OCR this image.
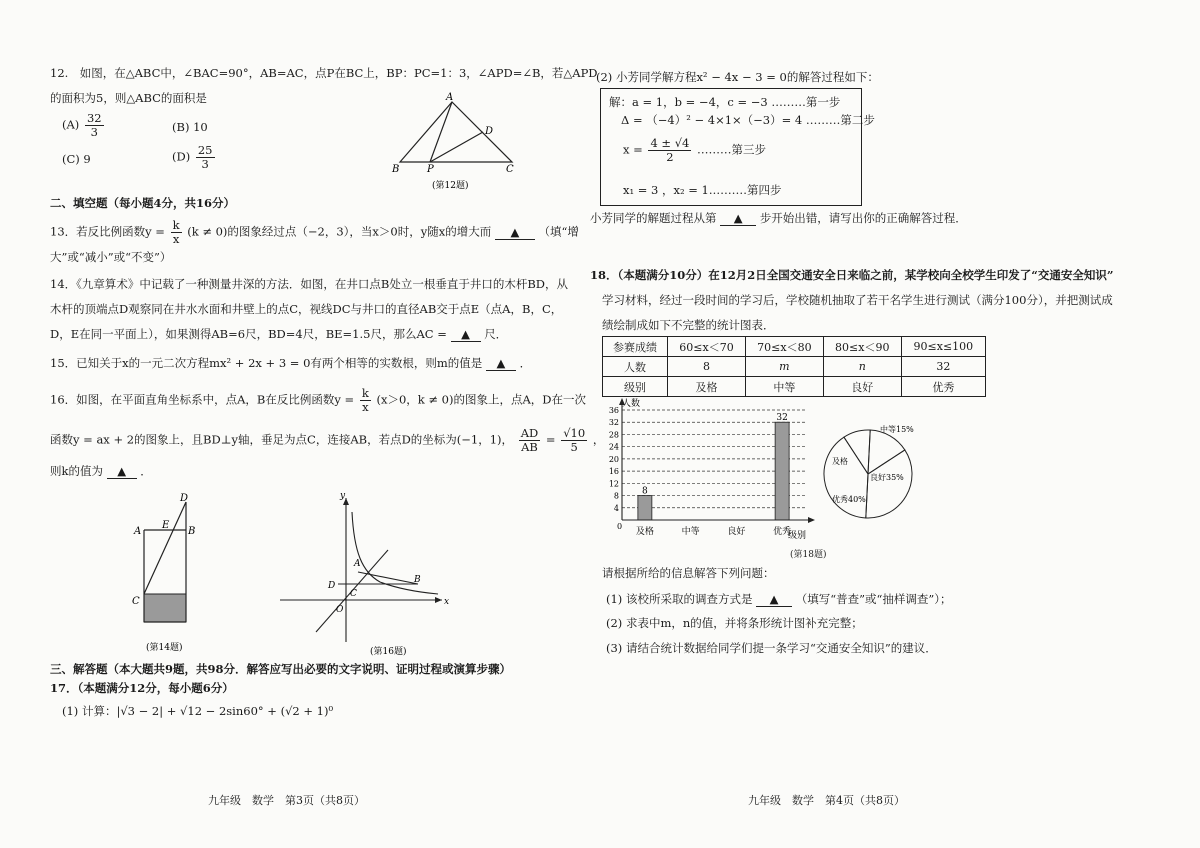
12.　如图，在△ABC中，∠BAC=90°，AB=AC，点P在BC上，BP：PC=1：3，∠APD=∠B，若△APD
的面积为5，则△ABC的面积是
$(A) \frac{32}{3}$	(B) 10
(C) 9	$(D) \frac{25}{3}$
A
D
B	P	C
(第12题)
二、填空题（每小题4分，共16分）
13．若反比例函数$y = \frac{k}{x} (k \ne 0)$的图象经过点（−2，3），当x＞0时，y随x的增大而 ▲ （填“增
大”或“减小”或“不变”）
14．《九章算术》中记载了一种测量井深的方法．如图，在井口点B处立一根垂直于井口的木杆BD，从
木杆的顶端点D观察同在井水水面和井壁上的点C，视线DC与井口的直径AB交于点E（点A，B，C，
D，E在同一平面上），如果测得AB=6尺，BD=4尺，BE=1.5尺，那么AC = ▲ 尺．
15．已知关于x的一元二次方程mx² + 2x + 3 = 0有两个相等的实数根，则m的值是 ▲ ．
16．如图，在平面直角坐标系中，点A，B在反比例函数$y = \frac{k}{x} (x>0$，k ≠ 0)的图象上，点A，D在一次
函数y = ax + 2的图象上，且BD⊥y轴，垂足为点C，连接AB，若点D的坐标为(−1，1)， $\frac{AD}{AB} = \frac{√10}{5}$ ，
则k的值为 ▲ ．
D
A
E
B
C
(第14题)
y
x
A
B
C
D
O
(第16题)
三、解答题（本大题共9题，共98分．解答应写出必要的文字说明、证明过程或演算步骤）
17．（本题满分12分，每小题6分）
(1) 计算：|√3 − 2| + √12 − 2sin60° + (√2 + 1)⁰
九年级　数学　第3页（共8页）
(2) 小芳同学解方程x² − 4x − 3 = 0的解答过程如下：
解：a = 1，b = −4，c = −3 ………第一步
Δ = （−4）² − 4×1×（−3）= 4 ………第二步
$x = \frac{4 \pm √4}{2}$ ………第三步
x₁ = 3 ，x₂ = 1.………第四步
小芳同学的解题过程从第 ▲ 步开始出错，请写出你的正确解答过程．
18．（本题满分10分）在12月2日全国交通安全日来临之前，某学校向全校学生印发了“交通安全知识”
学习材料，经过一段时间的学习后，学校随机抽取了若干名学生进行测试（满分100分），并把测试成
绩绘制成如下不完整的统计图表．
参赛成绩	60≤x＜70	70≤x＜80	80≤x＜90	90≤x≤100
人数	8	m	n	32
级别	及格	中等	良好	优秀
4
8
12
16
20
24
28
32
36
0
及格	中等	良好	优秀
8
32
人数
级别
中等15%
良好35%
优秀40%
及格
(第18题)
请根据所给的信息解答下列问题：
(1) 该校所采取的调查方式是 ▲ （填写“普查”或“抽样调查”）；
(2) 求表中m，n的值，并将条形统计图补充完整；
(3) 请结合统计数据给同学们提一条学习“交通安全知识”的建议．
九年级　数学　第4页（共8页）
